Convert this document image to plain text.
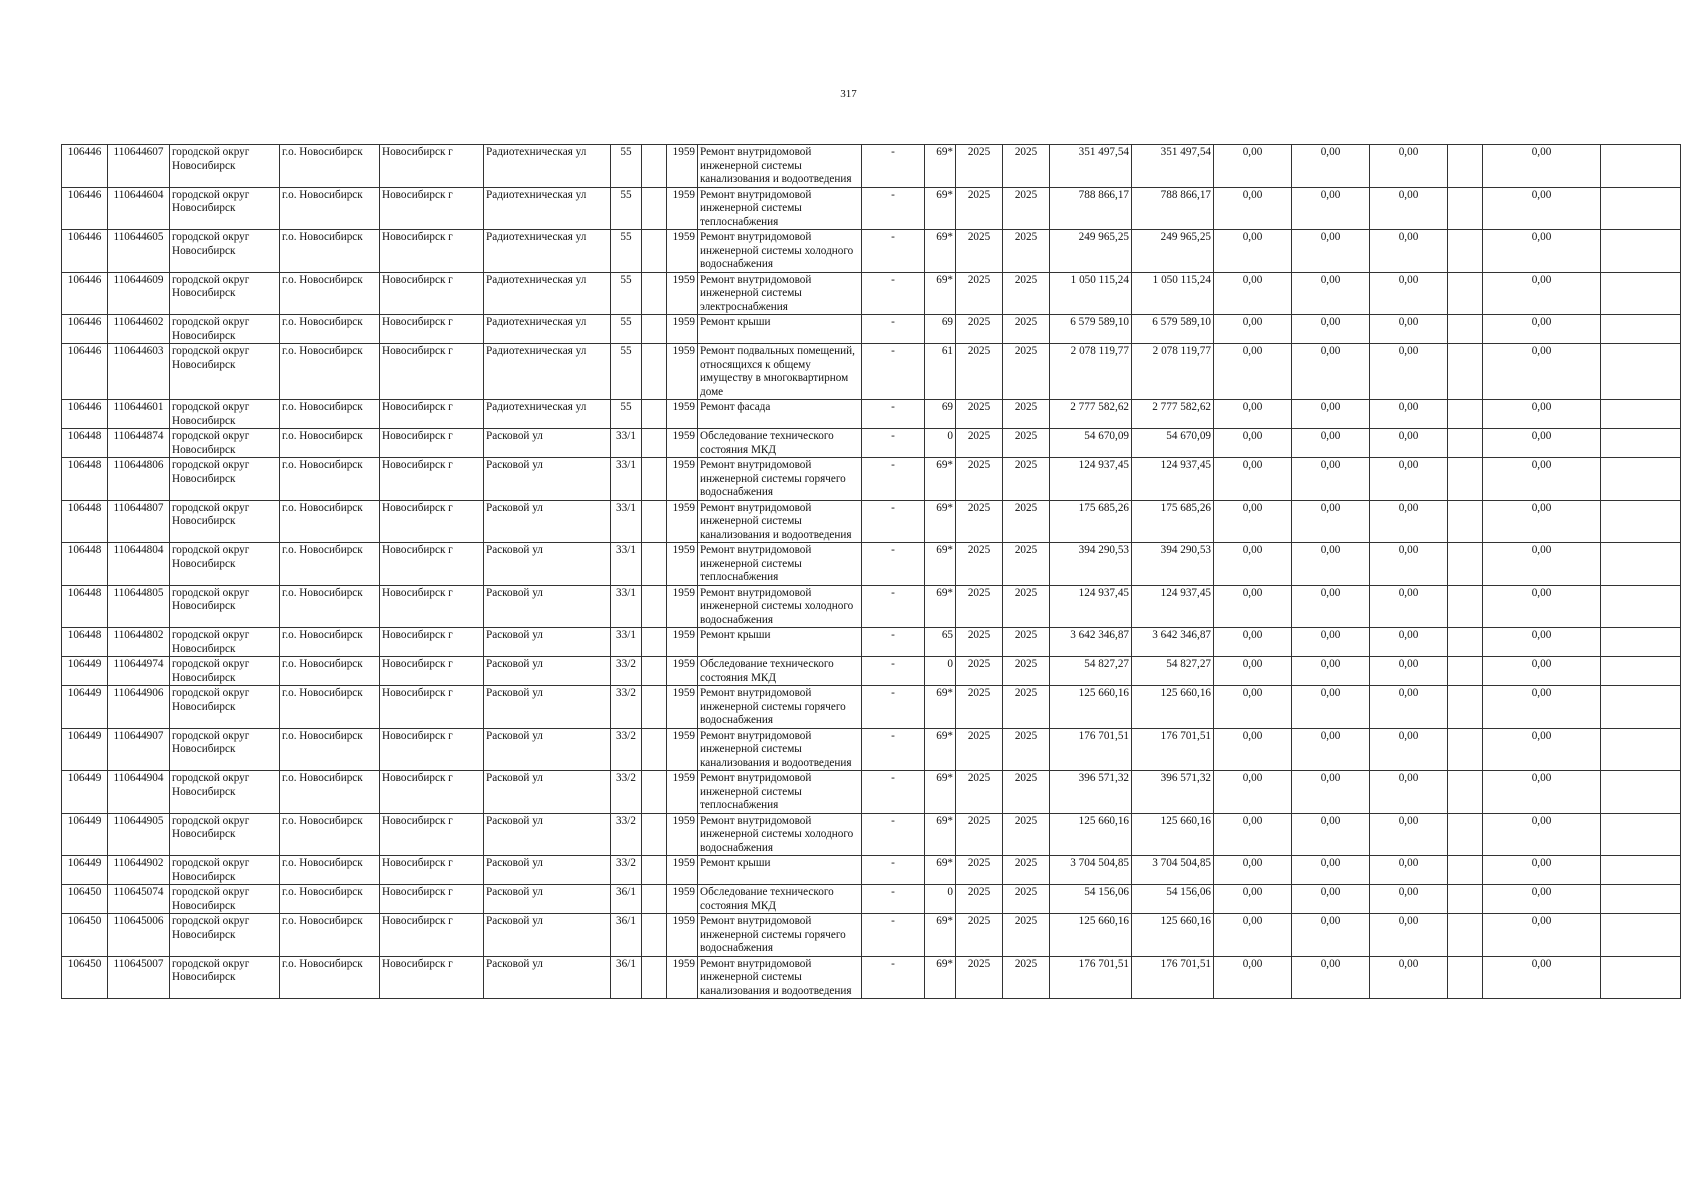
317
106446	110644607	городской округ Новосибирск	г.о. Новосибирск	Новосибирск г	Радиотехническая ул	55		1959	Ремонт внутридомовой инженерной системы канализования и водоотведения	-	69*	2025	2025	351 497,54	351 497,54	0,00	0,00	0,00		0,00	
106446	110644604	городской округ Новосибирск	г.о. Новосибирск	Новосибирск г	Радиотехническая ул	55		1959	Ремонт внутридомовой инженерной системы теплоснабжения	-	69*	2025	2025	788 866,17	788 866,17	0,00	0,00	0,00		0,00	
106446	110644605	городской округ Новосибирск	г.о. Новосибирск	Новосибирск г	Радиотехническая ул	55		1959	Ремонт внутридомовой инженерной системы холодного водоснабжения	-	69*	2025	2025	249 965,25	249 965,25	0,00	0,00	0,00		0,00	
106446	110644609	городской округ Новосибирск	г.о. Новосибирск	Новосибирск г	Радиотехническая ул	55		1959	Ремонт внутридомовой инженерной системы электроснабжения	-	69*	2025	2025	1 050 115,24	1 050 115,24	0,00	0,00	0,00		0,00	
106446	110644602	городской округ Новосибирск	г.о. Новосибирск	Новосибирск г	Радиотехническая ул	55		1959	Ремонт крыши	-	69	2025	2025	6 579 589,10	6 579 589,10	0,00	0,00	0,00		0,00	
106446	110644603	городской округ Новосибирск	г.о. Новосибирск	Новосибирск г	Радиотехническая ул	55		1959	Ремонт подвальных помещений, относящихся к общему имуществу в многоквартирном доме	-	61	2025	2025	2 078 119,77	2 078 119,77	0,00	0,00	0,00		0,00	
106446	110644601	городской округ Новосибирск	г.о. Новосибирск	Новосибирск г	Радиотехническая ул	55		1959	Ремонт фасада	-	69	2025	2025	2 777 582,62	2 777 582,62	0,00	0,00	0,00		0,00	
106448	110644874	городской округ Новосибирск	г.о. Новосибирск	Новосибирск г	Расковой ул	33/1		1959	Обследование технического состояния МКД	-	0	2025	2025	54 670,09	54 670,09	0,00	0,00	0,00		0,00	
106448	110644806	городской округ Новосибирск	г.о. Новосибирск	Новосибирск г	Расковой ул	33/1		1959	Ремонт внутридомовой инженерной системы горячего водоснабжения	-	69*	2025	2025	124 937,45	124 937,45	0,00	0,00	0,00		0,00	
106448	110644807	городской округ Новосибирск	г.о. Новосибирск	Новосибирск г	Расковой ул	33/1		1959	Ремонт внутридомовой инженерной системы канализования и водоотведения	-	69*	2025	2025	175 685,26	175 685,26	0,00	0,00	0,00		0,00	
106448	110644804	городской округ Новосибирск	г.о. Новосибирск	Новосибирск г	Расковой ул	33/1		1959	Ремонт внутридомовой инженерной системы теплоснабжения	-	69*	2025	2025	394 290,53	394 290,53	0,00	0,00	0,00		0,00	
106448	110644805	городской округ Новосибирск	г.о. Новосибирск	Новосибирск г	Расковой ул	33/1		1959	Ремонт внутридомовой инженерной системы холодного водоснабжения	-	69*	2025	2025	124 937,45	124 937,45	0,00	0,00	0,00		0,00	
106448	110644802	городской округ Новосибирск	г.о. Новосибирск	Новосибирск г	Расковой ул	33/1		1959	Ремонт крыши	-	65	2025	2025	3 642 346,87	3 642 346,87	0,00	0,00	0,00		0,00	
106449	110644974	городской округ Новосибирск	г.о. Новосибирск	Новосибирск г	Расковой ул	33/2		1959	Обследование технического состояния МКД	-	0	2025	2025	54 827,27	54 827,27	0,00	0,00	0,00		0,00	
106449	110644906	городской округ Новосибирск	г.о. Новосибирск	Новосибирск г	Расковой ул	33/2		1959	Ремонт внутридомовой инженерной системы горячего водоснабжения	-	69*	2025	2025	125 660,16	125 660,16	0,00	0,00	0,00		0,00	
106449	110644907	городской округ Новосибирск	г.о. Новосибирск	Новосибирск г	Расковой ул	33/2		1959	Ремонт внутридомовой инженерной системы канализования и водоотведения	-	69*	2025	2025	176 701,51	176 701,51	0,00	0,00	0,00		0,00	
106449	110644904	городской округ Новосибирск	г.о. Новосибирск	Новосибирск г	Расковой ул	33/2		1959	Ремонт внутридомовой инженерной системы теплоснабжения	-	69*	2025	2025	396 571,32	396 571,32	0,00	0,00	0,00		0,00	
106449	110644905	городской округ Новосибирск	г.о. Новосибирск	Новосибирск г	Расковой ул	33/2		1959	Ремонт внутридомовой инженерной системы холодного водоснабжения	-	69*	2025	2025	125 660,16	125 660,16	0,00	0,00	0,00		0,00	
106449	110644902	городской округ Новосибирск	г.о. Новосибирск	Новосибирск г	Расковой ул	33/2		1959	Ремонт крыши	-	69*	2025	2025	3 704 504,85	3 704 504,85	0,00	0,00	0,00		0,00	
106450	110645074	городской округ Новосибирск	г.о. Новосибирск	Новосибирск г	Расковой ул	36/1		1959	Обследование технического состояния МКД	-	0	2025	2025	54 156,06	54 156,06	0,00	0,00	0,00		0,00	
106450	110645006	городской округ Новосибирск	г.о. Новосибирск	Новосибирск г	Расковой ул	36/1		1959	Ремонт внутридомовой инженерной системы горячего водоснабжения	-	69*	2025	2025	125 660,16	125 660,16	0,00	0,00	0,00		0,00	
106450	110645007	городской округ Новосибирск	г.о. Новосибирск	Новосибирск г	Расковой ул	36/1		1959	Ремонт внутридомовой инженерной системы канализования и водоотведения	-	69*	2025	2025	176 701,51	176 701,51	0,00	0,00	0,00		0,00	
